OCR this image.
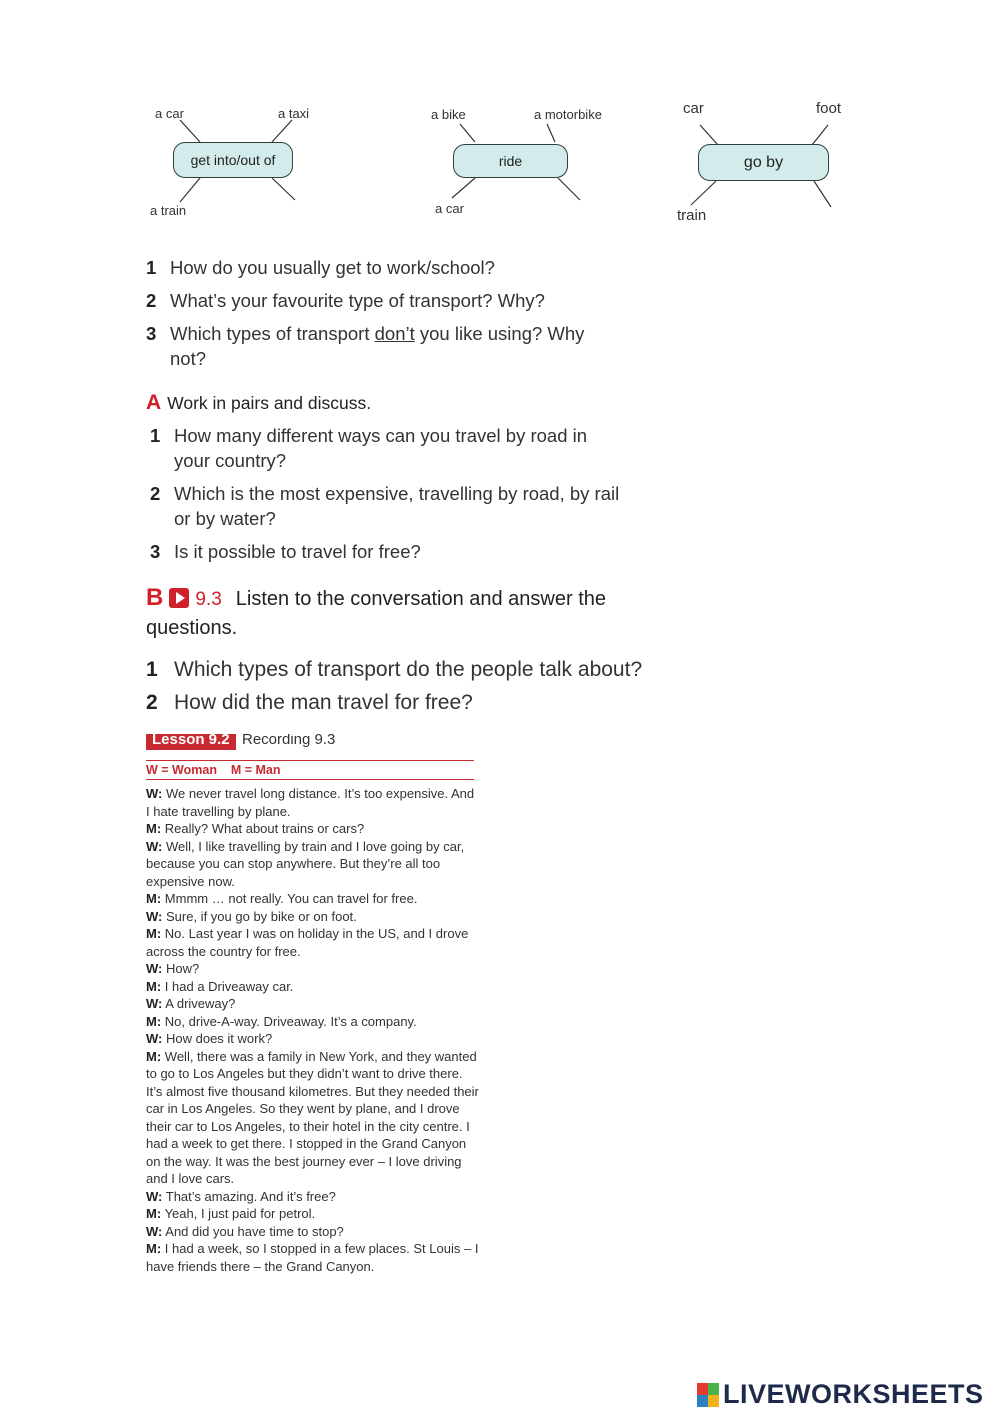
get into/out of
a car	a taxi
a train
ride
a bike	a motorbike
a car
go by
car	foot
train
1 How do you usually get to work/school?
2 What’s your favourite type of transport? Why?
3 Which types of transport don’t you like using? Why not?
A Work in pairs and discuss.
1 How many different ways can you travel by road in your country?
2 Which is the most expensive, travelling by road, by rail or by water?
3 Is it possible to travel for free?
B 9.3 Listen to the conversation and answer the questions.
1 Which types of transport do the people talk about?
2 How did the man travel for free?
Lesson 9.2 Recording 9.3
W = Woman    M = Man

W: We never travel long distance. It’s too expensive. And I hate travelling by plane.

M: Really? What about trains or cars?

W: Well, I like travelling by train and I love going by car, because you can stop anywhere. But they’re all too expensive now.

M: Mmmm … not really. You can travel for free.

W: Sure, if you go by bike or on foot.

M: No. Last year I was on holiday in the US, and I drove across the country for free.

W: How?

M: I had a Driveaway car.

W: A driveway?

M: No, drive-A-way. Driveaway. It’s a company.

W: How does it work?

M: Well, there was a family in New York, and they wanted to go to Los Angeles but they didn’t want to drive there. It’s almost five thousand kilometres. But they needed their car in Los Angeles. So they went by plane, and I drove their car to Los Angeles, to their hotel in the city centre. I had a week to get there. I stopped in the Grand Canyon on the way. It was the best journey ever – I love driving and I love cars.

W: That’s amazing. And it’s free?

M: Yeah, I just paid for petrol.

W: And did you have time to stop?

M: I had a week, so I stopped in a few places. St Louis – I have friends there – the Grand Canyon.

LIVEWORKSHEETS
